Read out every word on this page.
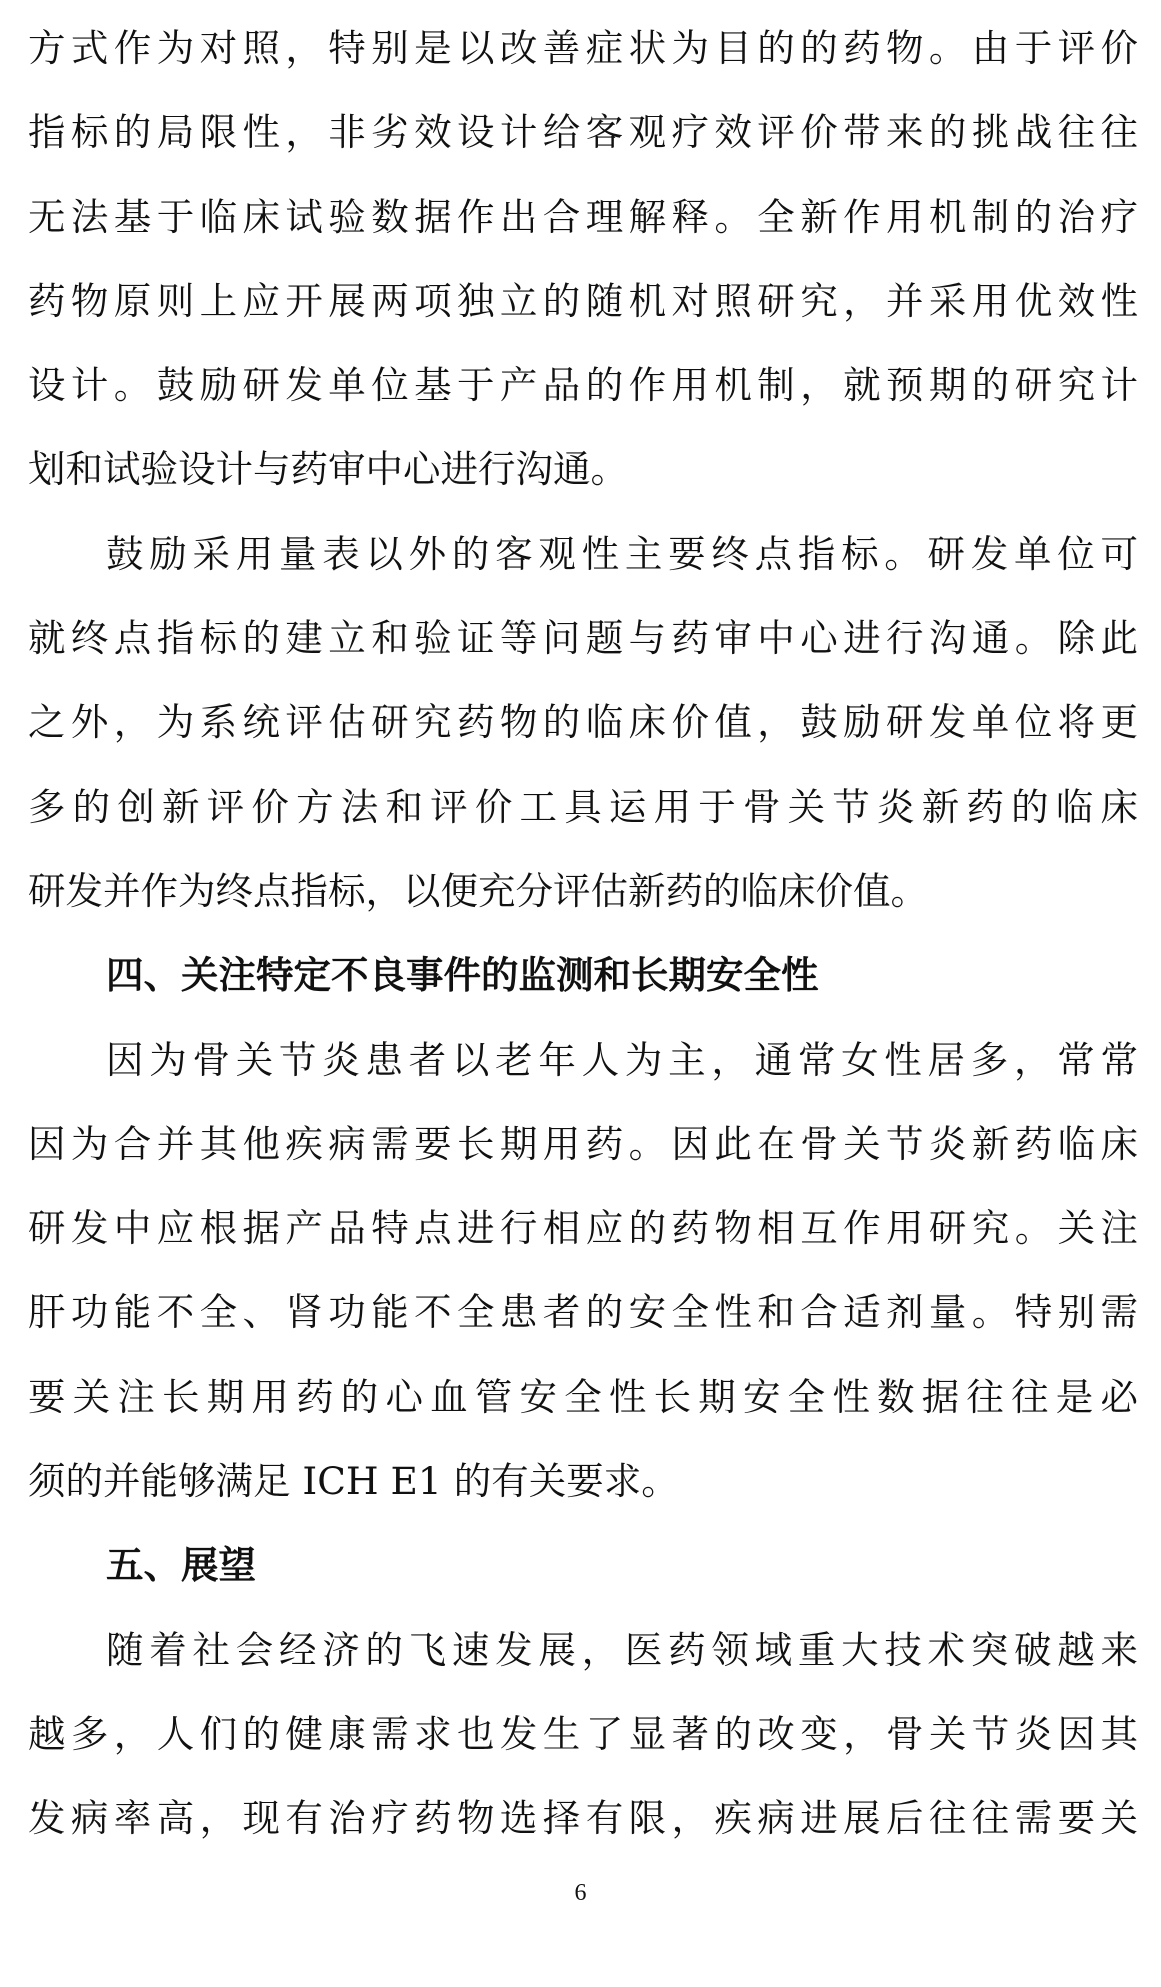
方式作为对照，特别是以改善症状为目的的药物。由于评价
指标的局限性，非劣效设计给客观疗效评价带来的挑战往往
无法基于临床试验数据作出合理解释。全新作用机制的治疗
药物原则上应开展两项独立的随机对照研究，并采用优效性
设计。鼓励研发单位基于产品的作用机制，就预期的研究计
划和试验设计与药审中心进行沟通。
鼓励采用量表以外的客观性主要终点指标。研发单位可
就终点指标的建立和验证等问题与药审中心进行沟通。除此
之外，为系统评估研究药物的临床价值，鼓励研发单位将更
多的创新评价方法和评价工具运用于骨关节炎新药的临床
研发并作为终点指标，以便充分评估新药的临床价值。
四、关注特定不良事件的监测和长期安全性
因为骨关节炎患者以老年人为主，通常女性居多，常常
因为合并其他疾病需要长期用药。因此在骨关节炎新药临床
研发中应根据产品特点进行相应的药物相互作用研究。关注
肝功能不全、肾功能不全患者的安全性和合适剂量。特别需
要关注长期用药的心血管安全性长期安全性数据往往是必
须的并能够满足 ICH E1 的有关要求。
五、展望
随着社会经济的飞速发展，医药领域重大技术突破越来
越多，人们的健康需求也发生了显著的改变，骨关节炎因其
发病率高，现有治疗药物选择有限，疾病进展后往往需要关
6
